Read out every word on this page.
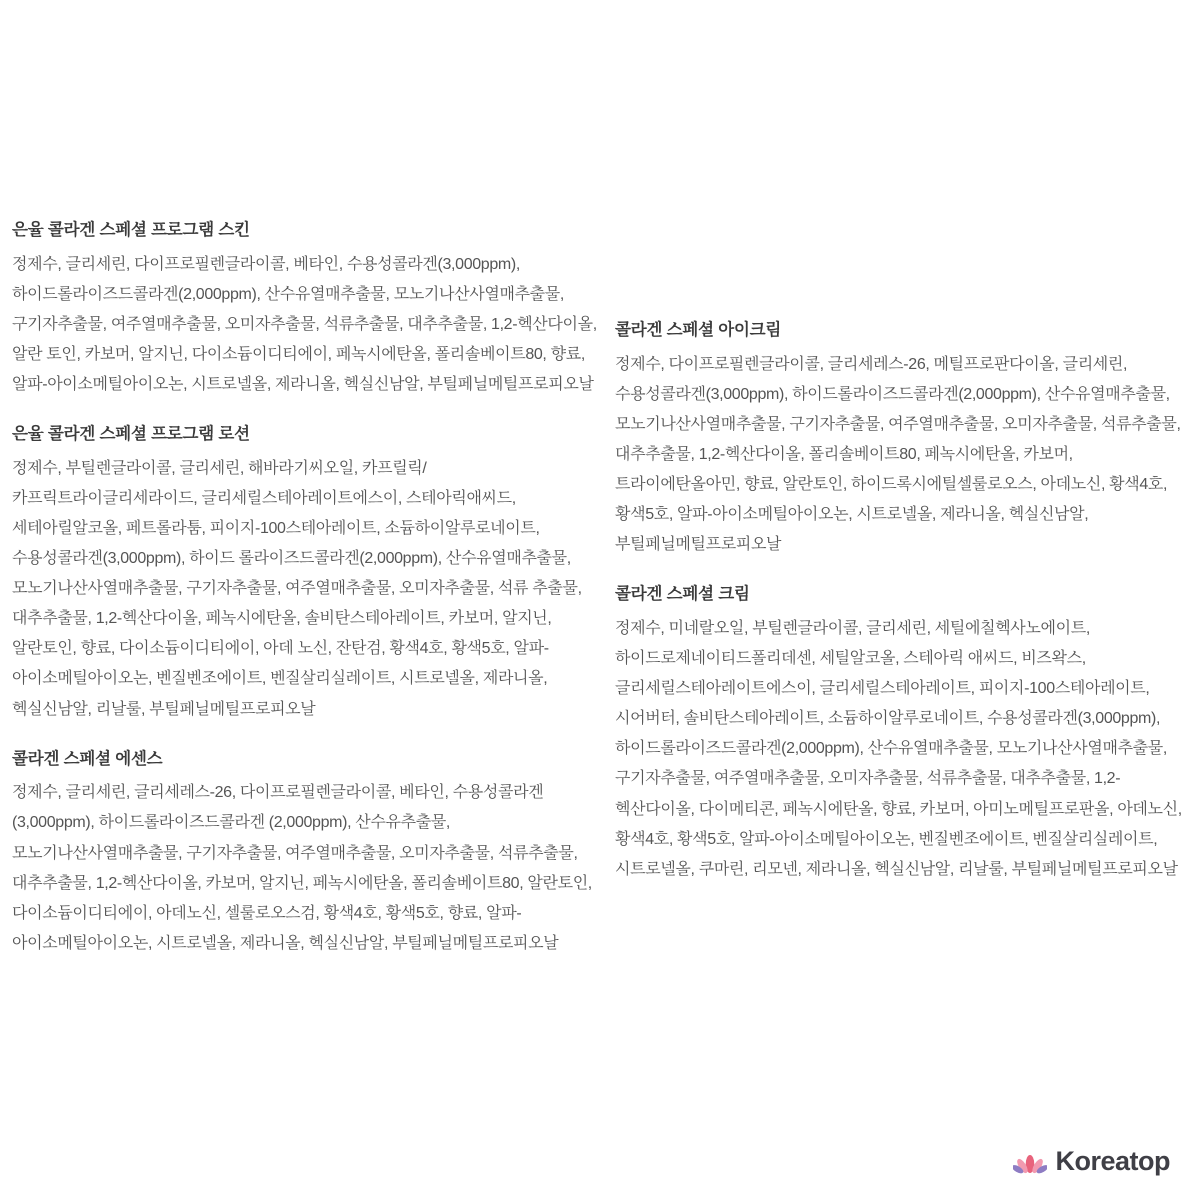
은율 콜라겐 스페셜 프로그램 스킨

정제수, 글리세린, 다이프로필렌글라이콜, 베타인, 수용성콜라겐(3,000ppm), 하이드롤라이즈드콜라겐(2,000ppm), 산수유열매추출물, 모노기나산사열매추출물, 구기자추출물, 여주열매추출물, 오미자추출물, 석류추출물, 대추추출물, 1,2-헥산다이올, 알란 토인, 카보머, 알지닌, 다이소듐이디티에이, 페녹시에탄올, 폴리솔베이트80, 향료, 알파-아이소메틸아이오논, 시트로넬올, 제라니올, 헥실신남알, 부틸페닐메틸프로피오날

은율 콜라겐 스페셜 프로그램 로션

정제수, 부틸렌글라이콜, 글리세린, 해바라기씨오일, 카프릴릭/카프릭트라이글리세라이드, 글리세릴스테아레이트에스이, 스테아릭애씨드, 세테아릴알코올, 페트롤라툼, 피이지-100스테아레이트, 소듐하이알루로네이트, 수용성콜라겐(3,000ppm), 하이드 롤라이즈드콜라겐(2,000ppm), 산수유열매추출물, 모노기나산사열매추출물, 구기자추출물, 여주열매추출물, 오미자추출물, 석류 추출물, 대추추출물, 1,2-헥산다이올, 페녹시에탄올, 솔비탄스테아레이트, 카보머, 알지닌, 알란토인, 향료, 다이소듐이디티에이, 아데 노신, 잔탄검, 황색4호, 황색5호, 알파-아이소메틸아이오논, 벤질벤조에이트, 벤질살리실레이트, 시트로넬올, 제라니올, 헥실신남알, 리날룰, 부틸페닐메틸프로피오날

콜라겐 스페셜 에센스

정제수, 글리세린, 글리세레스-26, 다이프로필렌글라이콜, 베타인, 수용성콜라겐(3,000ppm), 하이드롤라이즈드콜라겐 (2,000ppm), 산수유추출물, 모노기나산사열매추출물, 구기자추출물, 여주열매추출물, 오미자추출물, 석류추출물, 대추추출물, 1,2-헥산다이올, 카보머, 알지닌, 페녹시에탄올, 폴리솔베이트80, 알란토인, 다이소듐이디티에이, 아데노신, 셀룰로오스검, 황색4호, 황색5호, 향료, 알파-아이소메틸아이오논, 시트로넬올, 제라니올, 헥실신남알, 부틸페닐메틸프로피오날

콜라겐 스페셜 아이크림

정제수, 다이프로필렌글라이콜, 글리세레스-26, 메틸프로판다이올, 글리세린, 수용성콜라겐(3,000ppm), 하이드롤라이즈드콜라겐(2,000ppm), 산수유열매추출물, 모노기나산사열매추출물, 구기자추출물, 여주열매추출물, 오미자추출물, 석류추출물, 대추추출물, 1,2-헥산다이올, 폴리솔베이트80, 페녹시에탄올, 카보머, 트라이에탄올아민, 향료, 알란토인, 하이드록시에틸셀룰로오스, 아데노신, 황색4호, 황색5호, 알파-아이소메틸아이오논, 시트로넬올, 제라니올, 헥실신남알, 부틸페닐메틸프로피오날

콜라겐 스페셜 크림

정제수, 미네랄오일, 부틸렌글라이콜, 글리세린, 세틸에칠헥사노에이트, 하이드로제네이티드폴리데센, 세틸알코올, 스테아릭 애씨드, 비즈왁스, 글리세릴스테아레이트에스이, 글리세릴스테아레이트, 피이지-100스테아레이트, 시어버터, 솔비탄스테아레이트, 소듐하이알루로네이트, 수용성콜라겐(3,000ppm), 하이드롤라이즈드콜라겐(2,000ppm), 산수유열매추출물, 모노기나산사열매추출물, 구기자추출물, 여주열매추출물, 오미자추출물, 석류추출물, 대추추출물, 1,2-헥산다이올, 다이메티콘, 페녹시에탄올, 향료, 카보머, 아미노메틸프로판올, 아데노신, 황색4호, 황색5호, 알파-아이소메틸아이오논, 벤질벤조에이트, 벤질살리실레이트, 시트로넬올, 쿠마린, 리모넨, 제라니올, 헥실신남알, 리날룰, 부틸페닐메틸프로피오날

Koreatop
